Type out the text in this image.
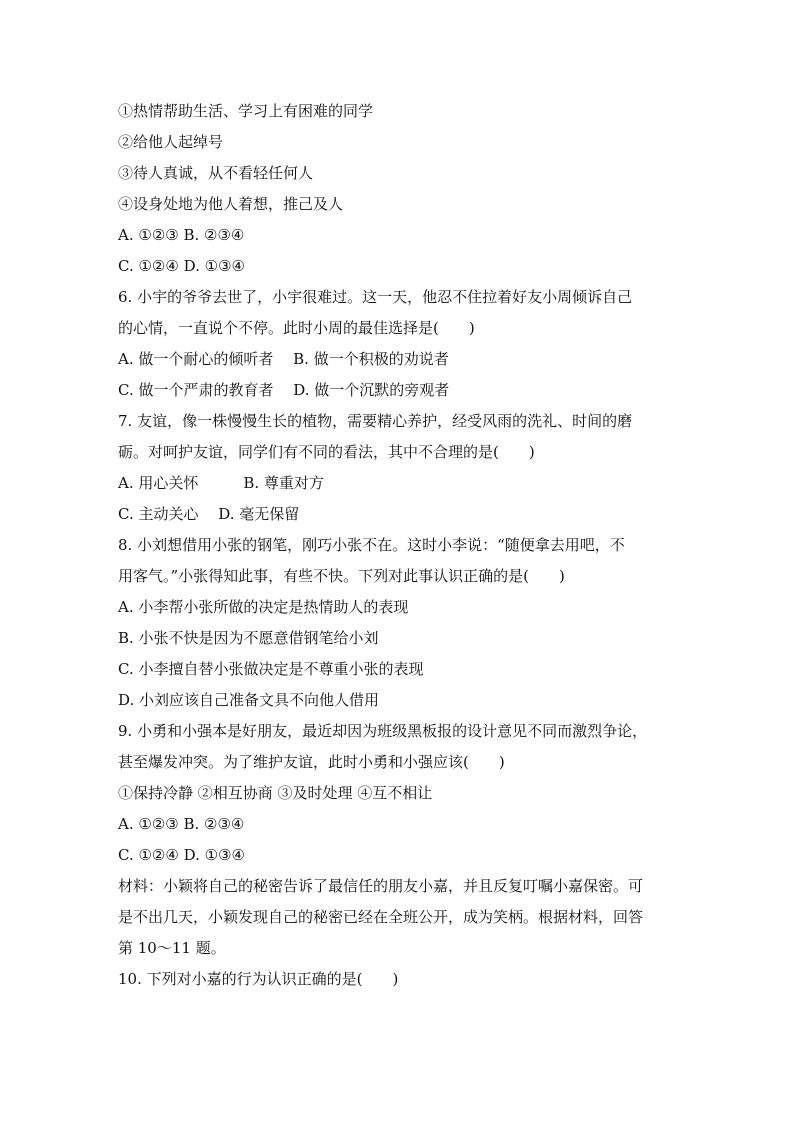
①热情帮助生活、学习上有困难的同学
②给他人起绰号
③待人真诚，从不看轻任何人
④设身处地为他人着想，推己及人
A. ①②③ B. ②③④
C. ①②④ D. ①③④
6. 小宇的爷爷去世了，小宇很难过。这一天，他忍不住拉着好友小周倾诉自己
的心情，一直说个不停。此时小周的最佳选择是(　　)
A. 做一个耐心的倾听者　 B. 做一个积极的劝说者
C. 做一个严肃的教育者　 D. 做一个沉默的旁观者
7. 友谊，像一株慢慢生长的植物，需要精心养护，经受风雨的洗礼、时间的磨
砺。对呵护友谊，同学们有不同的看法，其中不合理的是(　　)
A. 用心关怀　　　B. 尊重对方
C. 主动关心　 D. 毫无保留
8. 小刘想借用小张的钢笔，刚巧小张不在。这时小李说：“随便拿去用吧，不
用客气。”小张得知此事，有些不快。下列对此事认识正确的是(　　)
A. 小李帮小张所做的决定是热情助人的表现
B. 小张不快是因为不愿意借钢笔给小刘
C. 小李擅自替小张做决定是不尊重小张的表现
D. 小刘应该自己准备文具不向他人借用
9. 小勇和小强本是好朋友，最近却因为班级黑板报的设计意见不同而激烈争论，
甚至爆发冲突。为了维护友谊，此时小勇和小强应该(　　)
①保持冷静 ②相互协商 ③及时处理 ④互不相让
A. ①②③ B. ②③④
C. ①②④ D. ①③④
材料：小颖将自己的秘密告诉了最信任的朋友小嘉，并且反复叮嘱小嘉保密。可
是不出几天，小颖发现自己的秘密已经在全班公开，成为笑柄。根据材料，回答
第 10～11 题。
10. 下列对小嘉的行为认识正确的是(　　)
